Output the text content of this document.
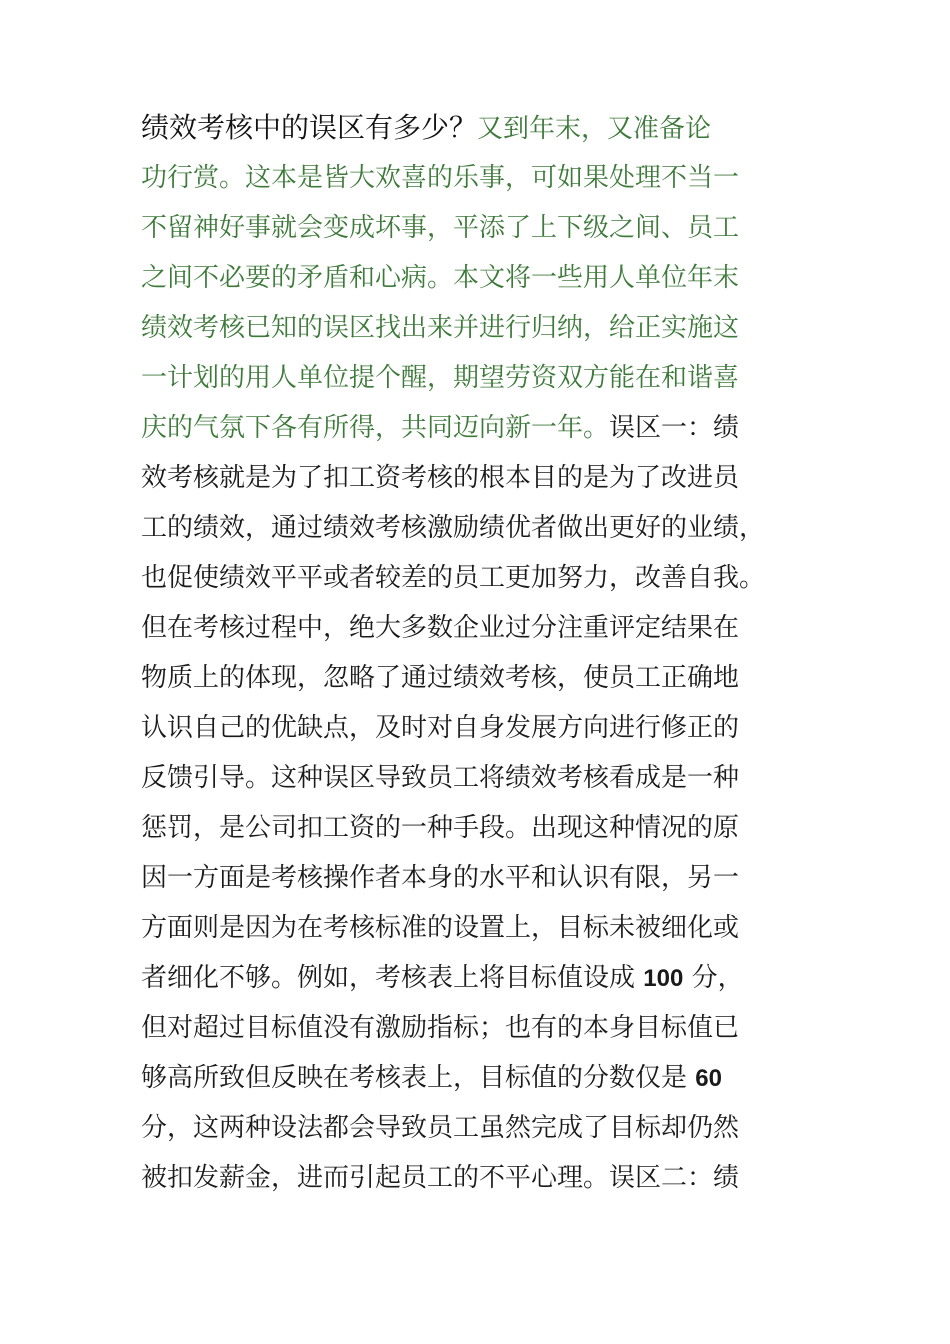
绩效考核中的误区有多少？又到年末，又准备论
功行赏。这本是皆大欢喜的乐事，可如果处理不当一
不留神好事就会变成坏事，平添了上下级之间、员工
之间不必要的矛盾和心病。本文将一些用人单位年末
绩效考核已知的误区找出来并进行归纳，给正实施这
一计划的用人单位提个醒，期望劳资双方能在和谐喜
庆的气氛下各有所得，共同迈向新一年。误区一：绩
效考核就是为了扣工资考核的根本目的是为了改进员
工的绩效，通过绩效考核激励绩优者做出更好的业绩，
也促使绩效平平或者较差的员工更加努力，改善自我。
但在考核过程中，绝大多数企业过分注重评定结果在
物质上的体现，忽略了通过绩效考核，使员工正确地
认识自己的优缺点，及时对自身发展方向进行修正的
反馈引导。这种误区导致员工将绩效考核看成是一种
惩罚，是公司扣工资的一种手段。出现这种情况的原
因一方面是考核操作者本身的水平和认识有限，另一
方面则是因为在考核标准的设置上，目标未被细化或
者细化不够。例如，考核表上将目标值设成 100 分，
但对超过目标值没有激励指标；也有的本身目标值已
够高所致但反映在考核表上，目标值的分数仅是 60
分，这两种设法都会导致员工虽然完成了目标却仍然
被扣发薪金，进而引起员工的不平心理。误区二：绩
